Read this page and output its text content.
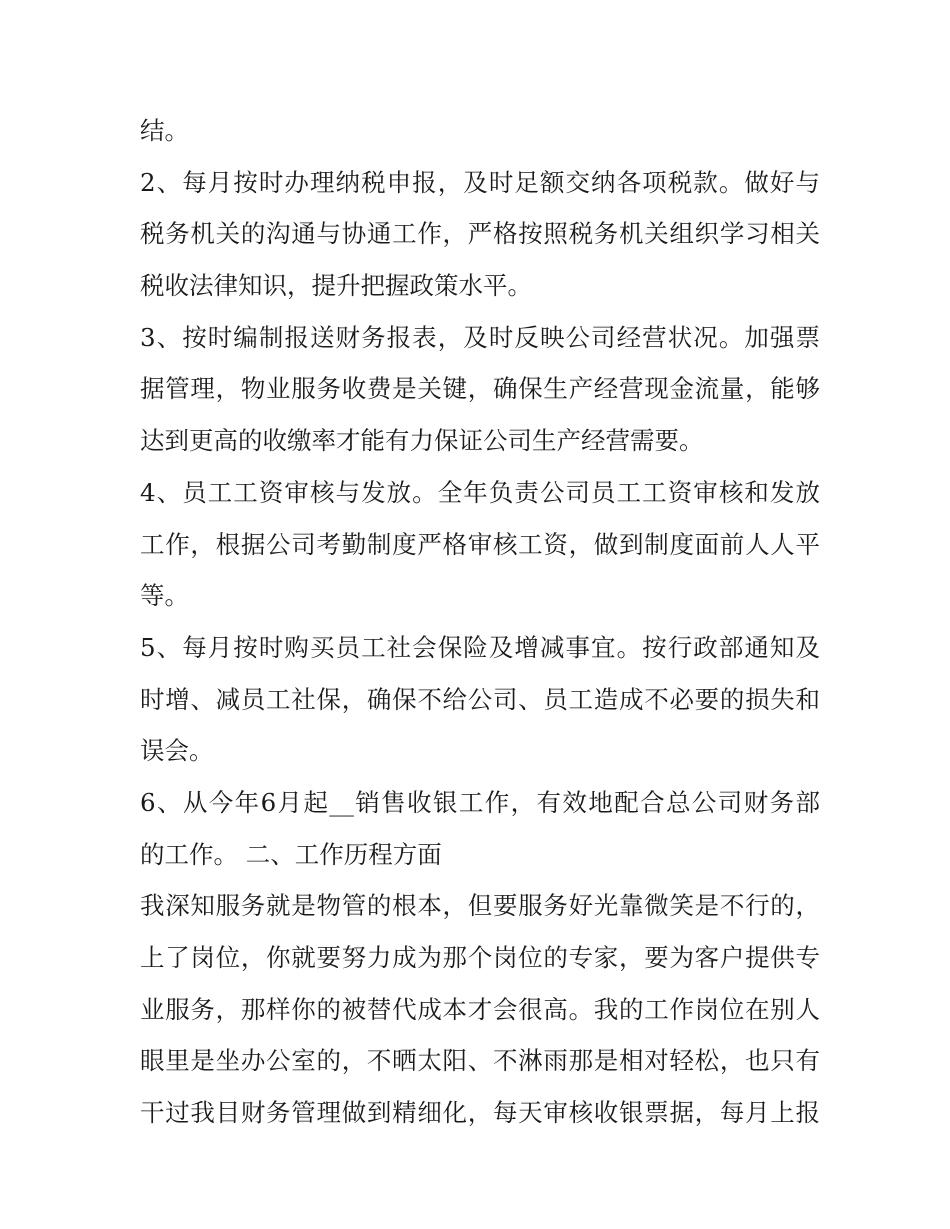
结。
2、每月按时办理纳税申报，及时足额交纳各项税款。做好与
税务机关的沟通与协通工作，严格按照税务机关组织学习相关
税收法律知识，提升把握政策水平。
3、按时编制报送财务报表，及时反映公司经营状况。加强票
据管理，物业服务收费是关键，确保生产经营现金流量，能够
达到更高的收缴率才能有力保证公司生产经营需要。
4、员工工资审核与发放。全年负责公司员工工资审核和发放
工作，根据公司考勤制度严格审核工资，做到制度面前人人平
等。
5、每月按时购买员工社会保险及增减事宜。按行政部通知及
时增、减员工社保，确保不给公司、员工造成不必要的损失和
误会。
6、从今年6月起__销售收银工作，有效地配合总公司财务部
的工作。 二、工作历程方面
我深知服务就是物管的根本，但要服务好光靠微笑是不行的，
上了岗位，你就要努力成为那个岗位的专家，要为客户提供专
业服务，那样你的被替代成本才会很高。我的工作岗位在别人
眼里是坐办公室的，不晒太阳、不淋雨那是相对轻松，也只有
干过我目财务管理做到精细化，每天审核收银票据，每月上报
